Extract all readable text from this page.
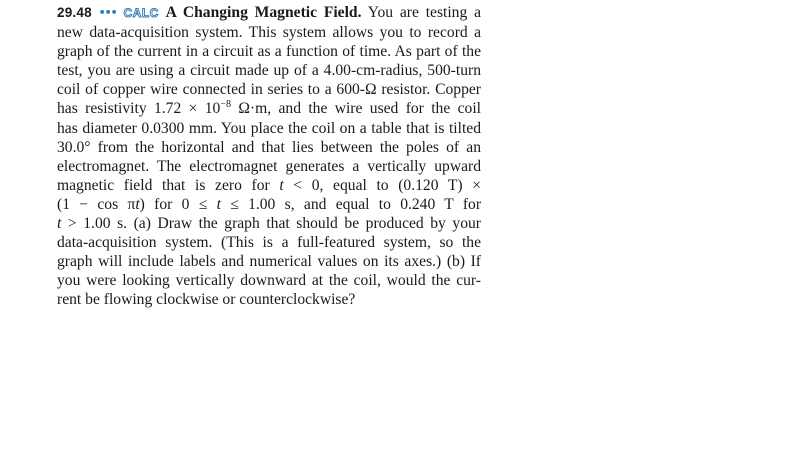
29.48 ••• CALC A Changing Magnetic Field. You are testing a
new data-acquisition system. This system allows you to record a
graph of the current in a circuit as a function of time. As part of the
test, you are using a circuit made up of a 4.00-cm-radius, 500-turn
coil of copper wire connected in series to a 600-Ω resistor. Copper
has resistivity $1.72 \times 10^{-8}$ Ω·m, and the wire used for the coil
has diameter 0.0300 mm. You place the coil on a table that is tilted
30.0° from the horizontal and that lies between the poles of an
electromagnet. The electromagnet generates a vertically upward
magnetic field that is zero for t < 0, equal to (0.120 T) ×
(1 − cos πt) for 0 ≤ t ≤ 1.00 s, and equal to 0.240 T for
t > 1.00 s. (a) Draw the graph that should be produced by your
data-acquisition system. (This is a full-featured system, so the
graph will include labels and numerical values on its axes.) (b) If
you were looking vertically downward at the coil, would the cur-
rent be flowing clockwise or counterclockwise?
